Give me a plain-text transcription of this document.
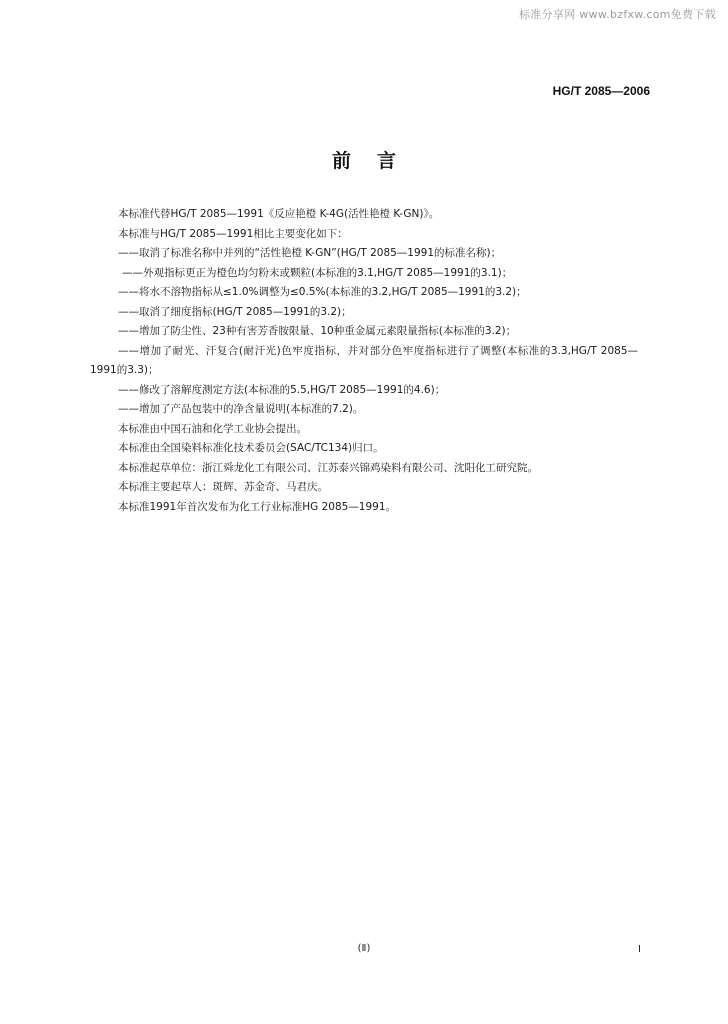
标准分享网 www.bzfxw.com免费下载
HG/T 2085—2006
前言
本标准代替HG/T 2085—1991《反应艳橙 K-4G(活性艳橙 K-GN)》。
本标准与HG/T 2085—1991相比主要变化如下：
——取消了标准名称中并列的“活性艳橙 K-GN”(HG/T 2085—1991的标准名称)；
——外观指标更正为橙色均匀粉末或颗粒(本标准的3.1,HG/T 2085—1991的3.1)；
——将水不溶物指标从≤1.0%调整为≤0.5%(本标准的3.2,HG/T 2085—1991的3.2)；
——取消了细度指标(HG/T 2085—1991的3.2)；
——增加了防尘性、23种有害芳香胺限量、10种重金属元素限量指标(本标准的3.2)；
——增加了耐光、汗复合(耐汗光)色牢度指标，并对部分色牢度指标进行了调整(本标准的3.3,HG/T 2085—1991的3.3)；
——修改了溶解度测定方法(本标准的5.5,HG/T 2085—1991的4.6)；
——增加了产品包装中的净含量说明(本标准的7.2)。
本标准由中国石油和化学工业协会提出。
本标准由全国染料标准化技术委员会(SAC/TC134)归口。
本标准起草单位：浙江舜龙化工有限公司、江苏泰兴锦鸡染料有限公司、沈阳化工研究院。
本标准主要起草人：斑辉、苏金奇、马君庆。
本标准1991年首次发布为化工行业标准HG 2085—1991。
(Ⅱ)	Ⅰ
